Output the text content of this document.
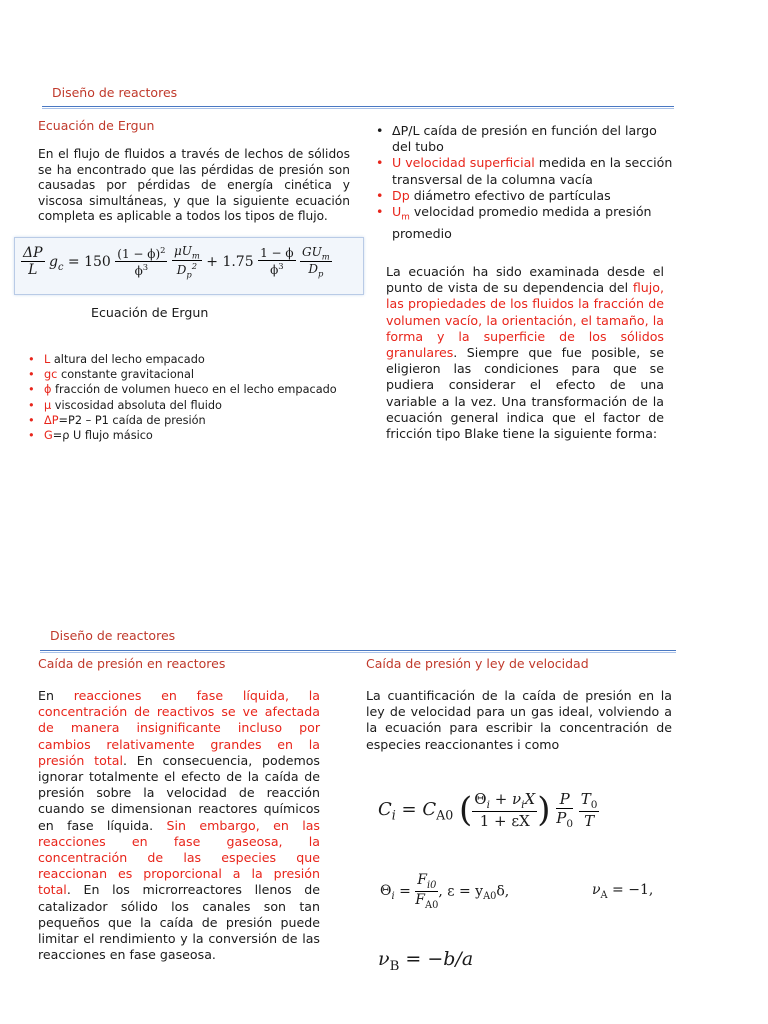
Diseño de reactores
Ecuación de Ergun
En el flujo de fluidos a través de lechos de sólidos se ha encontrado que las pérdidas de presión son causadas por pérdidas de energía cinética y viscosa simultáneas, y que la siguiente ecuación completa es aplicable a todos los tipos de flujo.
$\frac{\Delta P}{L} g_c = 150 \frac{(1 - \phi)^2}{\phi^3}$
$\frac{\mu U_m}{D_p^2} + 1.75 \frac{1 - \phi}{\phi^3}$
$\frac{GU_m}{D_p}$
Ecuación de Ergun
• L altura del lecho empacado
• gc constante gravitacional
• ϕ fracción de volumen hueco en el lecho empacado
• μ viscosidad absoluta del fluido
• ΔP=P2 – P1 caída de presión
• G=ρ U flujo másico
• ΔP/L caída de presión en función del largo del tubo
• U velocidad superficial medida en la sección transversal de la columna vacía
• Dp diámetro efectivo de partículas
• $U_m$ velocidad promedio medida a presión promedio
La ecuación ha sido examinada desde el punto de vista de su dependencia del flujo, las propiedades de los fluidos la fracción de volumen vacío, la orientación, el tamaño, la forma y la superficie de los sólidos granulares. Siempre que fue posible, se eligieron las condiciones para que se pudiera considerar el efecto de una variable a la vez. Una transformación de la ecuación general indica que el factor de fricción tipo Blake tiene la siguiente forma:
Diseño de reactores
Caída de presión en reactores
En reacciones en fase líquida, la concentración de reactivos se ve afectada de manera insignificante incluso por cambios relativamente grandes en la presión total. En consecuencia, podemos ignorar totalmente el efecto de la caída de presión sobre la velocidad de reacción cuando se dimensionan reactores químicos en fase líquida. Sin embargo, en las reacciones en fase gaseosa, la concentración de las especies que reaccionan es proporcional a la presión total. En los microrreactores llenos de catalizador sólido los canales son tan pequeños que la caída de presión puede limitar el rendimiento y la conversión de las reacciones en fase gaseosa.
Caída de presión y ley de velocidad
La cuantificación de la caída de presión en la ley de velocidad para un gas ideal, volviendo a la ecuación para escribir la concentración de especies reaccionantes i como
$C_i = C_{A0}$ ( $\frac{\Theta_i + \nu_iX}{1 + \varepsilon X}$ ) $\frac{P}{P_0}$
$\frac{T_0}{T}$
$\Theta_i = \frac{F_{i0}}{F_{A0}}$ , $\varepsilon = y_{A0}\delta$,	$\nu_A = -1$,
$\nu_B = -b/a$
